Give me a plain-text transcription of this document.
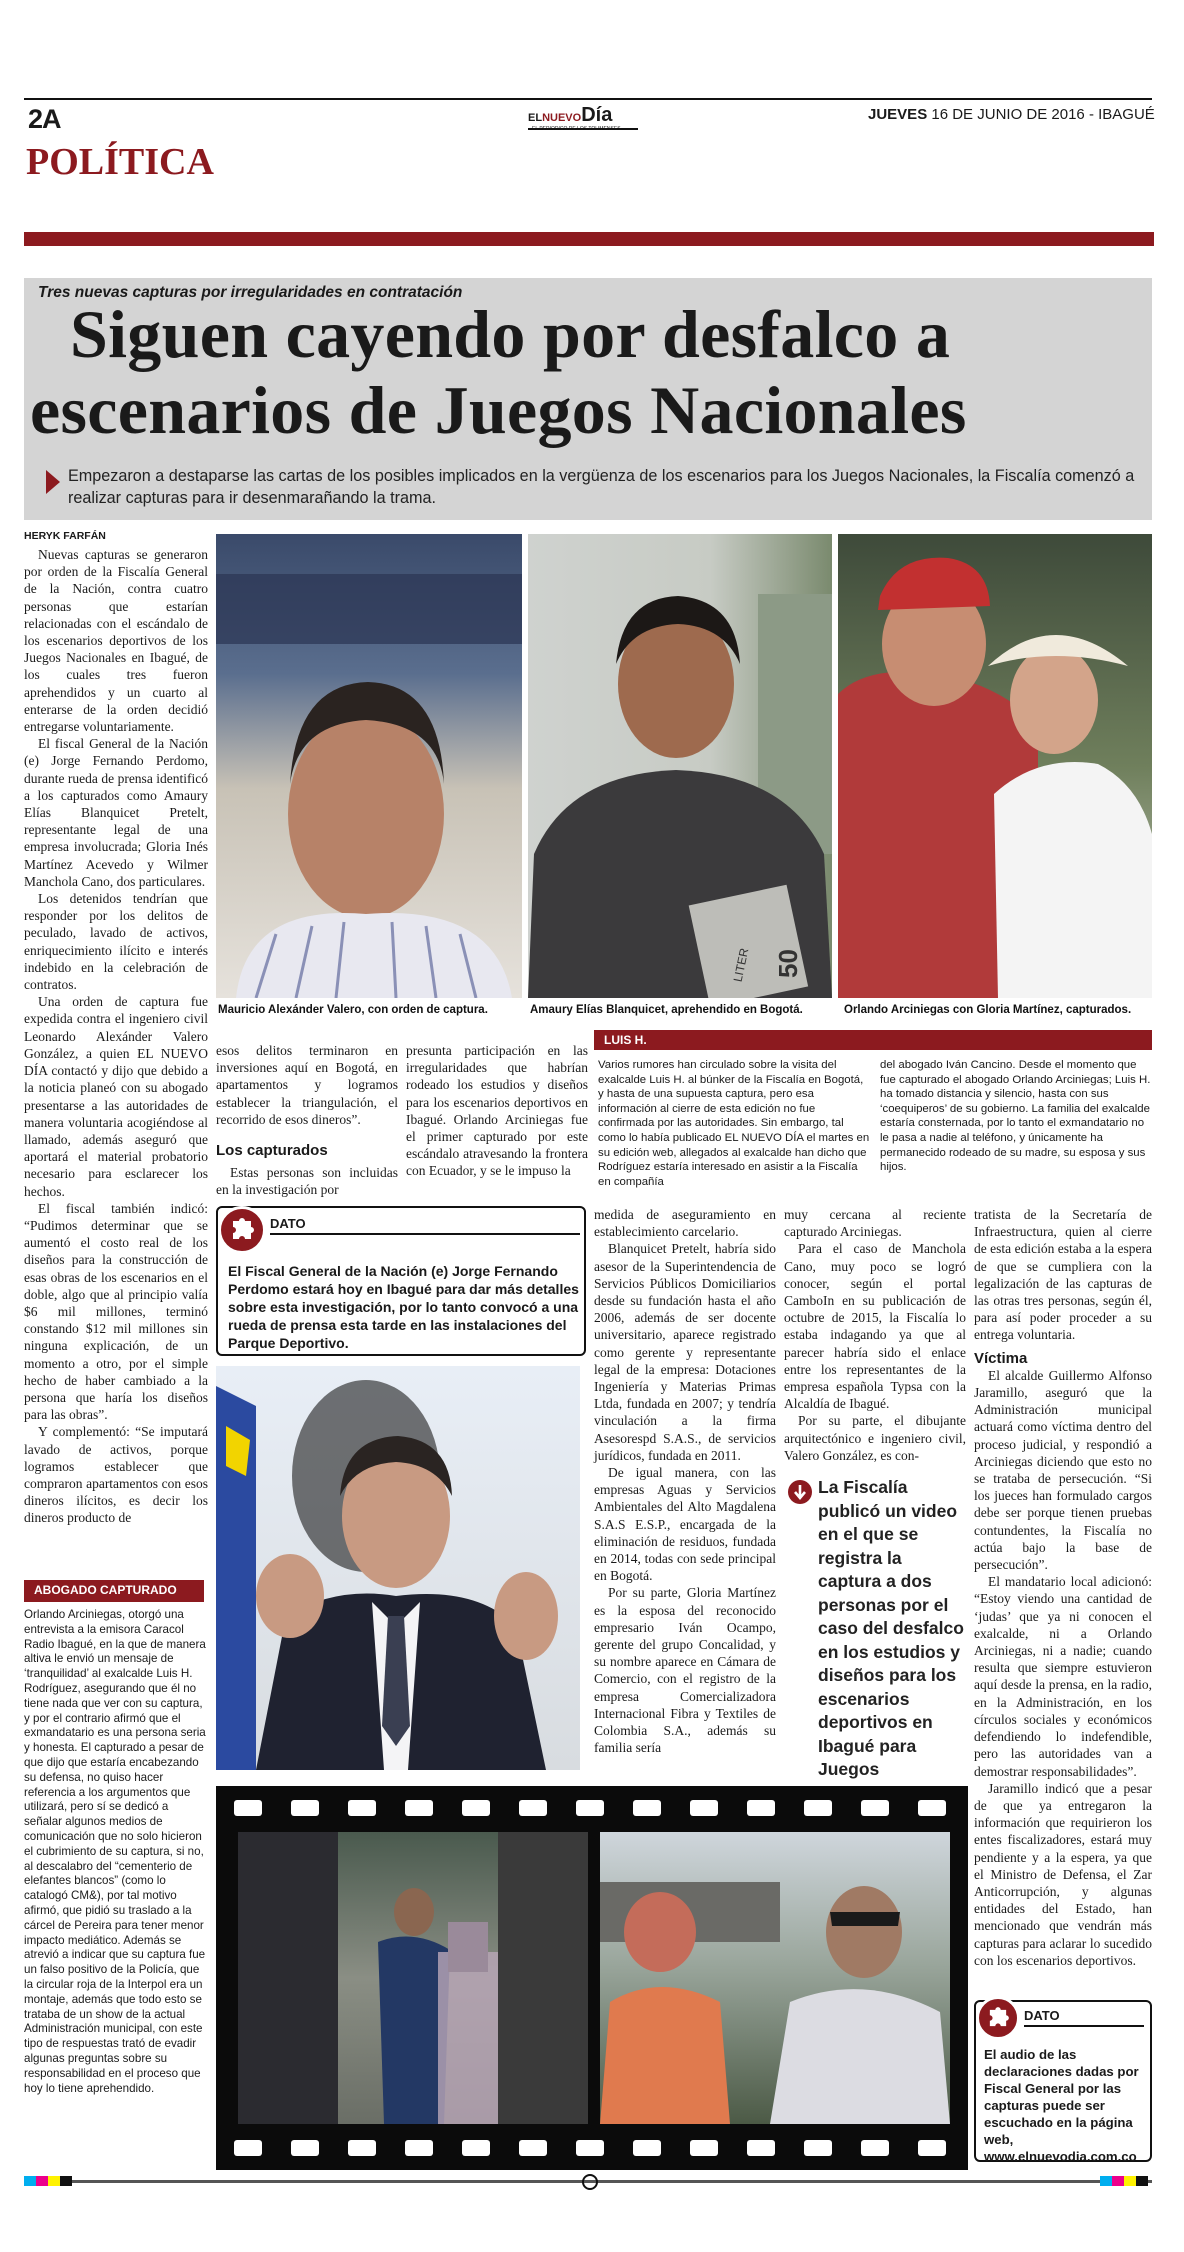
2A
POLÍTICA
ELNUEVODía
EL PERIODICO DE LOS TOLIMENSES
JUEVES 16 DE JUNIO DE 2016 - IBAGUÉ
Tres nuevas capturas por irregularidades en contratación
Siguen cayendo por desfalco a
escenarios de Juegos Nacionales
Empezaron a destaparse las cartas de los posibles implicados en la vergüenza de los escenarios para los Juegos Nacionales, la Fiscalía comenzó a realizar capturas para ir desenmarañando la trama.
HERYK FARFÁN

Nuevas capturas se generaron por orden de la Fiscalía General de la Nación, contra cuatro personas que estarían relacionadas con el escándalo de los escenarios deportivos de los Juegos Nacionales en Ibagué, de los cuales tres fueron aprehendidos y un cuarto al enterarse de la orden decidió entregarse voluntariamente.

El fiscal General de la Nación (e) Jorge Fernando Perdomo, durante rueda de prensa identificó a los capturados como Amaury Elías Blanquicet Pretelt, representante legal de una empresa involucrada; Gloria Inés Martínez Acevedo y Wilmer Manchola Cano, dos particulares.

Los detenidos tendrían que responder por los delitos de peculado, lavado de activos, enriquecimiento ilícito e interés indebido en la celebración de contratos.

Una orden de captura fue expedida contra el ingeniero civil Leonardo Alexánder Valero González, a quien EL NUEVO DÍA contactó y dijo que debido a la noticia planeó con su abogado presentarse a las autoridades de manera voluntaria acogiéndose al llamado, además aseguró que aportará el material probatorio necesario para esclarecer los hechos.

El fiscal también indicó: “Pudimos determinar que se aumentó el costo real de los diseños para la construcción de esas obras de los escenarios en el doble, algo que al principio valía $6 mil millones, terminó constando $12 mil millones sin ninguna explicación, de un momento a otro, por el simple hecho de haber cambiado a la persona que haría los diseños para las obras”.

Y complementó: “Se imputará lavado de activos, porque logramos establecer que compraron apartamentos con esos dineros ilícitos, es decir los dineros producto de

50
LITER
Mauricio Alexánder Valero, con orden de captura.	Amaury Elías Blanquicet, aprehendido en Bogotá.	Orlando Arciniegas con Gloria Martínez, capturados.

esos delitos terminaron en inversiones aquí en Bogotá, en apartamentos y logramos establecer la triangulación, el recorrido de esos dineros”.

Los capturados

Estas personas son incluidas en la investigación por

presunta participación en las irregularidades que habrían rodeado los estudios y diseños para los escenarios deportivos en Ibagué. Orlando Arciniegas fue el primer capturado por este escándalo atravesando la frontera con Ecuador, y se le impuso la

LUIS H.
Varios rumores han circulado sobre la visita del exalcalde Luis H. al búnker de la Fiscalía en Bogotá, y hasta de una supuesta captura, pero esa información al cierre de esta edición no fue confirmada por las autoridades. Sin embargo, tal como lo había publicado EL NUEVO DÍA el martes en su edición web, allegados al exalcalde han dicho que Rodríguez estaría interesado en asistir a la Fiscalía en compañía
del abogado Iván Cancino. Desde el momento que fue capturado el abogado Orlando Arciniegas; Luis H. ha tomado distancia y silencio, hasta con sus ‘coequiperos’ de su gobierno. La familia del exalcalde estaría consternada, por lo tanto el exmandatario no le pasa a nadie al teléfono, y únicamente ha permanecido rodeado de su madre, su esposa y sus hijos.
DATO
El Fiscal General de la Nación (e) Jorge Fernando Perdomo estará hoy en Ibagué para dar más detalles sobre esta investigación, por lo tanto convocó a una rueda de prensa esta tarde en las instalaciones del Parque Deportivo.

medida de aseguramiento en establecimiento carcelario.

Blanquicet Pretelt, habría sido asesor de la Superintendencia de Servicios Públicos Domiciliarios desde su fundación hasta el año 2006, además de ser docente universitario, aparece registrado como gerente y representante legal de la empresa: Dotaciones Ingeniería y Materias Primas Ltda, fundada en 2007; y tendría vinculación a la firma Asesorespd S.A.S., de servicios jurídicos, fundada en 2011.

De igual manera, con las empresas Aguas y Servicios Ambientales del Alto Magdalena S.A.S E.S.P., encargada de la eliminación de residuos, fundada en 2014, todas con sede principal en Bogotá.

Por su parte, Gloria Martínez es la esposa del reconocido empresario Iván Ocampo, gerente del grupo Concalidad, y su nombre aparece en Cámara de Comercio, con el registro de la empresa Comercializadora Internacional Fibra y Textiles de Colombia S.A., además su familia sería

muy cercana al reciente capturado Arciniegas.

Para el caso de Manchola Cano, muy poco se logró conocer, según el portal CamboIn en su publicación de octubre de 2015, la Fiscalía lo estaba indagando ya que al parecer habría sido el enlace entre los representantes de la empresa española Typsa con la Alcaldía de Ibagué.

Por su parte, el dibujante arquitectónico e ingeniero civil, Valero González, es con-

La Fiscalía publicó un video en el que se registra la captura a dos personas por el caso del desfalco en los estudios y diseños para los escenarios deportivos en Ibagué para Juegos

tratista de la Secretaría de Infraestructura, quien al cierre de esta edición estaba a la espera de que se cumpliera con la legalización de las capturas de las otras tres personas, según él, para así poder proceder a su entrega voluntaria.

Víctima

El alcalde Guillermo Alfonso Jaramillo, aseguró que la Administración municipal actuará como víctima dentro del proceso judicial, y respondió a Arciniegas diciendo que esto no se trataba de persecución. “Si los jueces han formulado cargos debe ser porque tienen pruebas contundentes, la Fiscalía no actúa bajo la base de persecución”.

El mandatario local adicionó: “Estoy viendo una cantidad de ‘judas’ que ya ni conocen el exalcalde, ni a Orlando Arciniegas, ni a nadie; cuando resulta que siempre estuvieron aquí desde la prensa, en la radio, en la Administración, en los círculos sociales y económicos defendiendo lo indefendible, pero las autoridades van a demostrar responsabilidades”.

Jaramillo indicó que a pesar de que ya entregaron la información que requirieron los entes fiscalizadores, estará muy pendiente y a la espera, ya que el Ministro de Defensa, el Zar Anticorrupción, y algunas entidades del Estado, han mencionado que vendrán más capturas para aclarar lo sucedido con los escenarios deportivos.

ABOGADO CAPTURADO
Orlando Arciniegas, otorgó una entrevista a la emisora Caracol Radio Ibagué, en la que de manera altiva le envió un mensaje de ‘tranquilidad’ al exalcalde Luis H. Rodríguez, asegurando que él no tiene nada que ver con su captura, y por el contrario afirmó que el exmandatario es una persona seria y honesta. El capturado a pesar de que dijo que estaría encabezando su defensa, no quiso hacer referencia a los argumentos que utilizará, pero sí se dedicó a señalar algunos medios de comunicación que no solo hicieron el cubrimiento de su captura, si no, al descalabro del “cementerio de elefantes blancos” (como lo catalogó CM&), por tal motivo afirmó, que pidió su traslado a la cárcel de Pereira para tener menor impacto mediático. Además se atrevió a indicar que su captura fue un falso positivo de la Policía, que la circular roja de la Interpol era un montaje, además que todo esto se trataba de un show de la actual Administración municipal, con este tipo de respuestas trató de evadir algunas preguntas sobre su responsabilidad en el proceso que hoy lo tiene aprehendido.
DATO
El audio de las declaraciones dadas por Fiscal General por las capturas puede ser escuchado en la página web,
www.elnuevodia.com.co
